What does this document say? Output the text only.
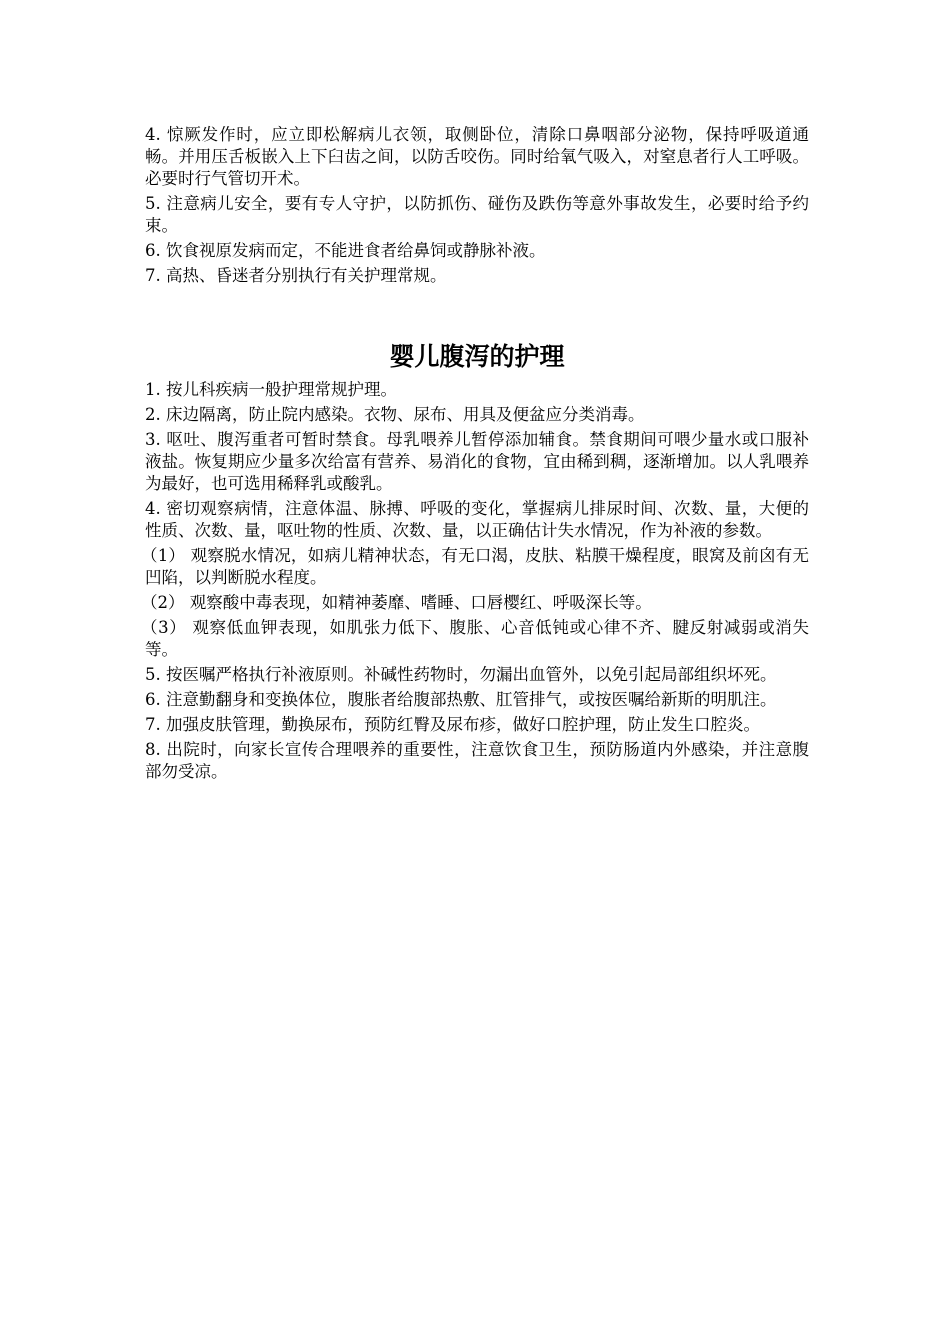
4. 惊厥发作时，应立即松解病儿衣领，取侧卧位，清除口鼻咽部分泌物，保持呼吸道通畅。并用压舌板嵌入上下臼齿之间，以防舌咬伤。同时给氧气吸入，对窒息者行人工呼吸。必要时行气管切开术。

5. 注意病儿安全，要有专人守护，以防抓伤、碰伤及跌伤等意外事故发生，必要时给予约束。

6. 饮食视原发病而定，不能进食者给鼻饲或静脉补液。

7. 高热、昏迷者分别执行有关护理常规。

婴儿腹泻的护理

1. 按儿科疾病一般护理常规护理。

2. 床边隔离，防止院内感染。衣物、尿布、用具及便盆应分类消毒。

3. 呕吐、腹泻重者可暂时禁食。母乳喂养儿暂停添加辅食。禁食期间可喂少量水或口服补液盐。恢复期应少量多次给富有营养、易消化的食物，宜由稀到稠，逐渐增加。以人乳喂养为最好，也可选用稀释乳或酸乳。

4. 密切观察病情，注意体温、脉搏、呼吸的变化，掌握病儿排尿时间、次数、量，大便的性质、次数、量，呕吐物的性质、次数、量，以正确估计失水情况，作为补液的参数。

（1） 观察脱水情况，如病儿精神状态，有无口渴，皮肤、粘膜干燥程度，眼窝及前囟有无凹陷，以判断脱水程度。

（2） 观察酸中毒表现，如精神萎靡、嗜睡、口唇樱红、呼吸深长等。

（3） 观察低血钾表现，如肌张力低下、腹胀、心音低钝或心律不齐、腱反射减弱或消失等。

5. 按医嘱严格执行补液原则。补碱性药物时，勿漏出血管外，以免引起局部组织坏死。

6. 注意勤翻身和变换体位，腹胀者给腹部热敷、肛管排气，或按医嘱给新斯的明肌注。

7. 加强皮肤管理，勤换尿布，预防红臀及尿布疹，做好口腔护理，防止发生口腔炎。

8. 出院时，向家长宣传合理喂养的重要性，注意饮食卫生，预防肠道内外感染，并注意腹部勿受凉。
